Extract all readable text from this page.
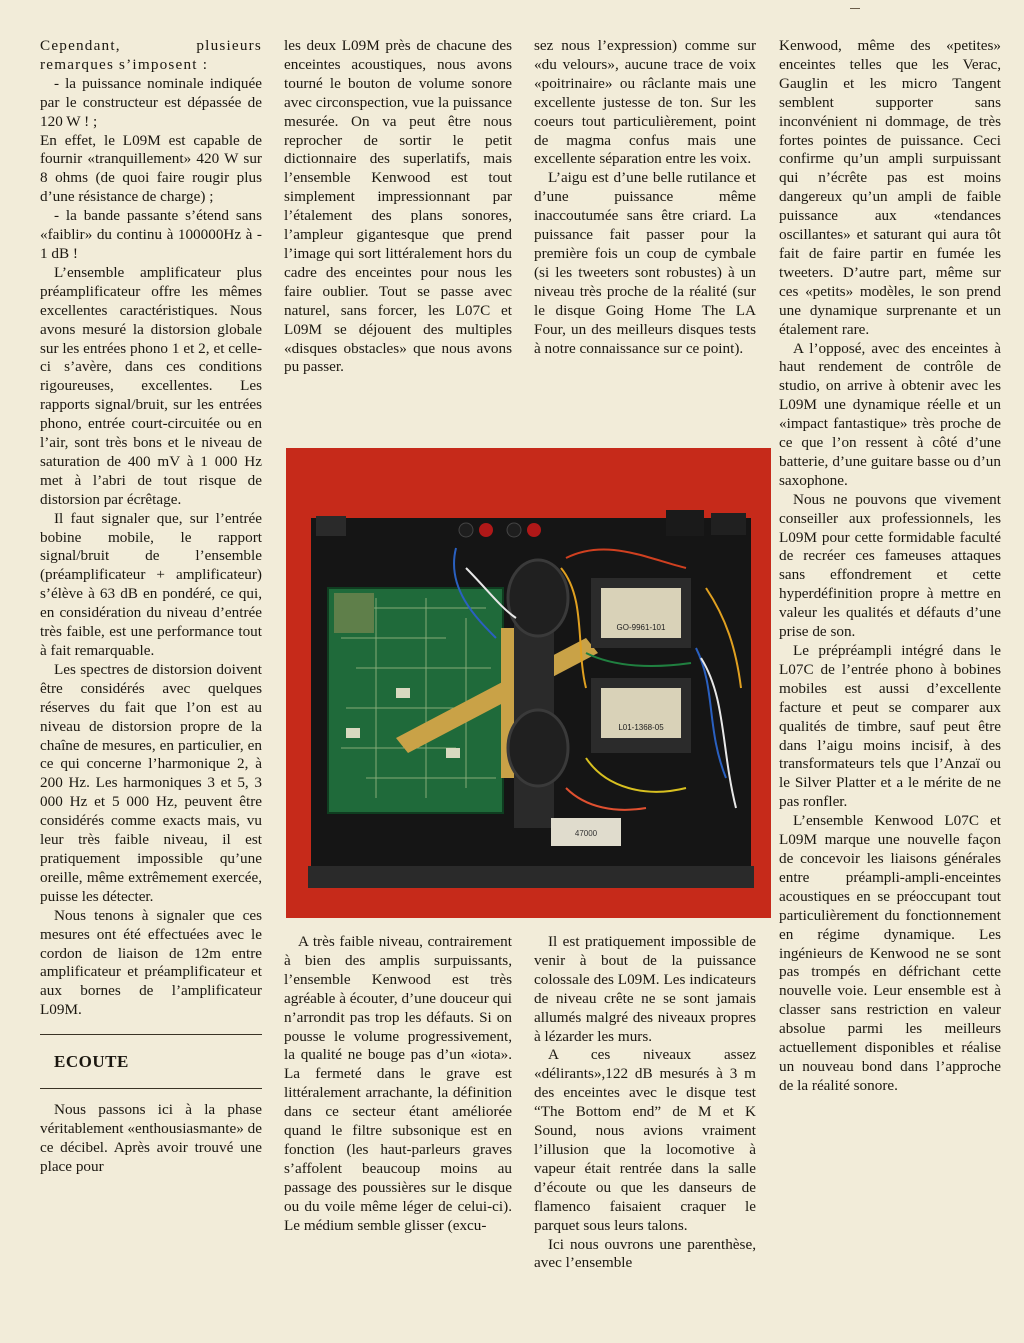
Cependant, plusieurs remarques s’imposent :

- la puissance nominale indiquée par le constructeur est dépassée de 120 W ! ;

En effet, le L09M est capable de fournir «tranquillement» 420 W sur 8 ohms (de quoi faire rougir plus d’une résistance de charge) ;

- la bande passante s’étend sans «faiblir» du continu à 100000Hz à - 1 dB !

L’ensemble amplificateur plus préamplificateur offre les mêmes excellentes caractéristiques. Nous avons mesuré la distorsion globale sur les entrées phono 1 et 2, et celle-ci s’avère, dans ces conditions rigoureuses, excellentes. Les rapports signal/bruit, sur les entrées phono, entrée court-circuitée ou en l’air, sont très bons et le niveau de saturation de 400 mV à 1 000 Hz met à l’abri de tout risque de distorsion par écrêtage.

Il faut signaler que, sur l’entrée bobine mobile, le rapport signal/bruit de l’ensemble (préamplificateur + amplificateur) s’élève à 63 dB en pondéré, ce qui, en considération du niveau d’entrée très faible, est une performance tout à fait remarquable.

Les spectres de distorsion doivent être considérés avec quelques réserves du fait que l’on est au niveau de distorsion propre de la chaîne de mesures, en particulier, en ce qui concerne l’harmonique 2, à 200 Hz. Les harmoniques 3 et 5, 3 000 Hz et 5 000 Hz, peuvent être considérés comme exacts mais, vu leur très faible niveau, il est pratiquement impossible qu’une oreille, même extrêmement exercée, puisse les détecter.

Nous tenons à signaler que ces mesures ont été effectuées avec le cordon de liaison de 12m entre amplificateur et préamplificateur et aux bornes de l’amplificateur L09M.

ECOUTE

Nous passons ici à la phase véritablement «enthousiasmante» de ce décibel. Après avoir trouvé une place pour

les deux L09M près de chacune des enceintes acoustiques, nous avons tourné le bouton de volume sonore avec circonspection, vue la puissance mesurée. On va peut être nous reprocher de sortir le petit dictionnaire des superlatifs, mais l’ensemble Kenwood est tout simplement impressionnant par l’étalement des plans sonores, l’ampleur gigantesque que prend l’image qui sort littéralement hors du cadre des enceintes pour nous les faire oublier. Tout se passe avec naturel, sans forcer, les L07C et L09M se déjouent des multiples «disques obstacles» que nous avons pu passer.

sez nous l’expression) comme sur «du velours», aucune trace de voix «poitrinaire» ou râclante mais une excellente justesse de ton. Sur les coeurs tout particulièrement, point de magma confus mais une excellente séparation entre les voix.

L’aigu est d’une belle rutilance et d’une puissance même inaccoutumée sans être criard. La puissance fait passer pour la première fois un coup de cymbale (si les tweeters sont robustes) à un niveau très proche de la réalité (sur le disque Going Home The LA Four, un des meilleurs disques tests à notre connaissance sur ce point).

Kenwood, même des «petites» enceintes telles que les Verac, Gauglin et les micro Tangent semblent supporter sans inconvénient ni dommage, de très fortes pointes de puissance. Ceci confirme qu’un ampli surpuissant qui n’écrête pas est moins dangereux qu’un ampli de faible puissance aux «tendances oscillantes» et saturant qui aura tôt fait de faire partir en fumée les tweeters. D’autre part, même sur ces «petits» modèles, le son prend une dynamique surprenante et un étalement rare.

A l’opposé, avec des enceintes à haut rendement de contrôle de studio, on arrive à obtenir avec les L09M une dynamique réelle et un «impact fantastique» très proche de ce que l’on ressent à côté d’une batterie, d’une guitare basse ou d’un saxophone.

Nous ne pouvons que vivement conseiller aux professionnels, les L09M pour cette formidable faculté de recréer ces fameuses attaques sans effondrement et cette hyperdéfinition propre à mettre en valeur les qualités et défauts d’une prise de son.

Le prépréampli intégré dans le L07C de l’entrée phono à bobines mobiles est aussi d’excellente facture et peut se comparer aux qualités de timbre, sauf peut être dans l’aigu moins incisif, à des transformateurs tels que l’Anzaï ou le Silver Platter et a le mérite de ne pas ronfler.

L’ensemble Kenwood L07C et L09M marque une nouvelle façon de concevoir les liaisons générales entre préampli-ampli-enceintes acoustiques en se préoccupant tout particulièrement du fonctionnement en régime dynamique. Les ingénieurs de Kenwood ne se sont pas trompés en défrichant cette nouvelle voie. Leur ensemble est à classer sans restriction en valeur absolue parmi les meilleurs actuellement disponibles et réalise un nouveau bond dans l’approche de la réalité sonore.

A très faible niveau, contrairement à bien des amplis surpuissants, l’ensemble Kenwood est très agréable à écouter, d’une douceur qui n’arrondit pas trop les défauts. Si on pousse le volume progressivement, la qualité ne bouge pas d’un «iota». La fermeté dans le grave est littéralement arrachante, la définition dans ce secteur étant améliorée quand le filtre subsonique est en fonction (les haut-parleurs graves s’affolent beaucoup moins au passage des poussières sur le disque ou du voile même léger de celui-ci). Le médium semble glisser (excu-

Il est pratiquement impossible de venir à bout de la puissance colossale des L09M. Les indicateurs de niveau crête ne se sont jamais allumés malgré des niveaux propres à lézarder les murs.

A ces niveaux assez «délirants»,122 dB mesurés à 3 m des enceintes avec le disque test “The Bottom end” de M et K Sound, nous avions vraiment l’illusion que la locomotive à vapeur était rentrée dans la salle d’écoute ou que les danseurs de flamenco faisaient craquer le parquet sous leurs talons.

Ici nous ouvrons une parenthèse, avec l’ensemble

GO-9961-101
L01-1368-05
47000
